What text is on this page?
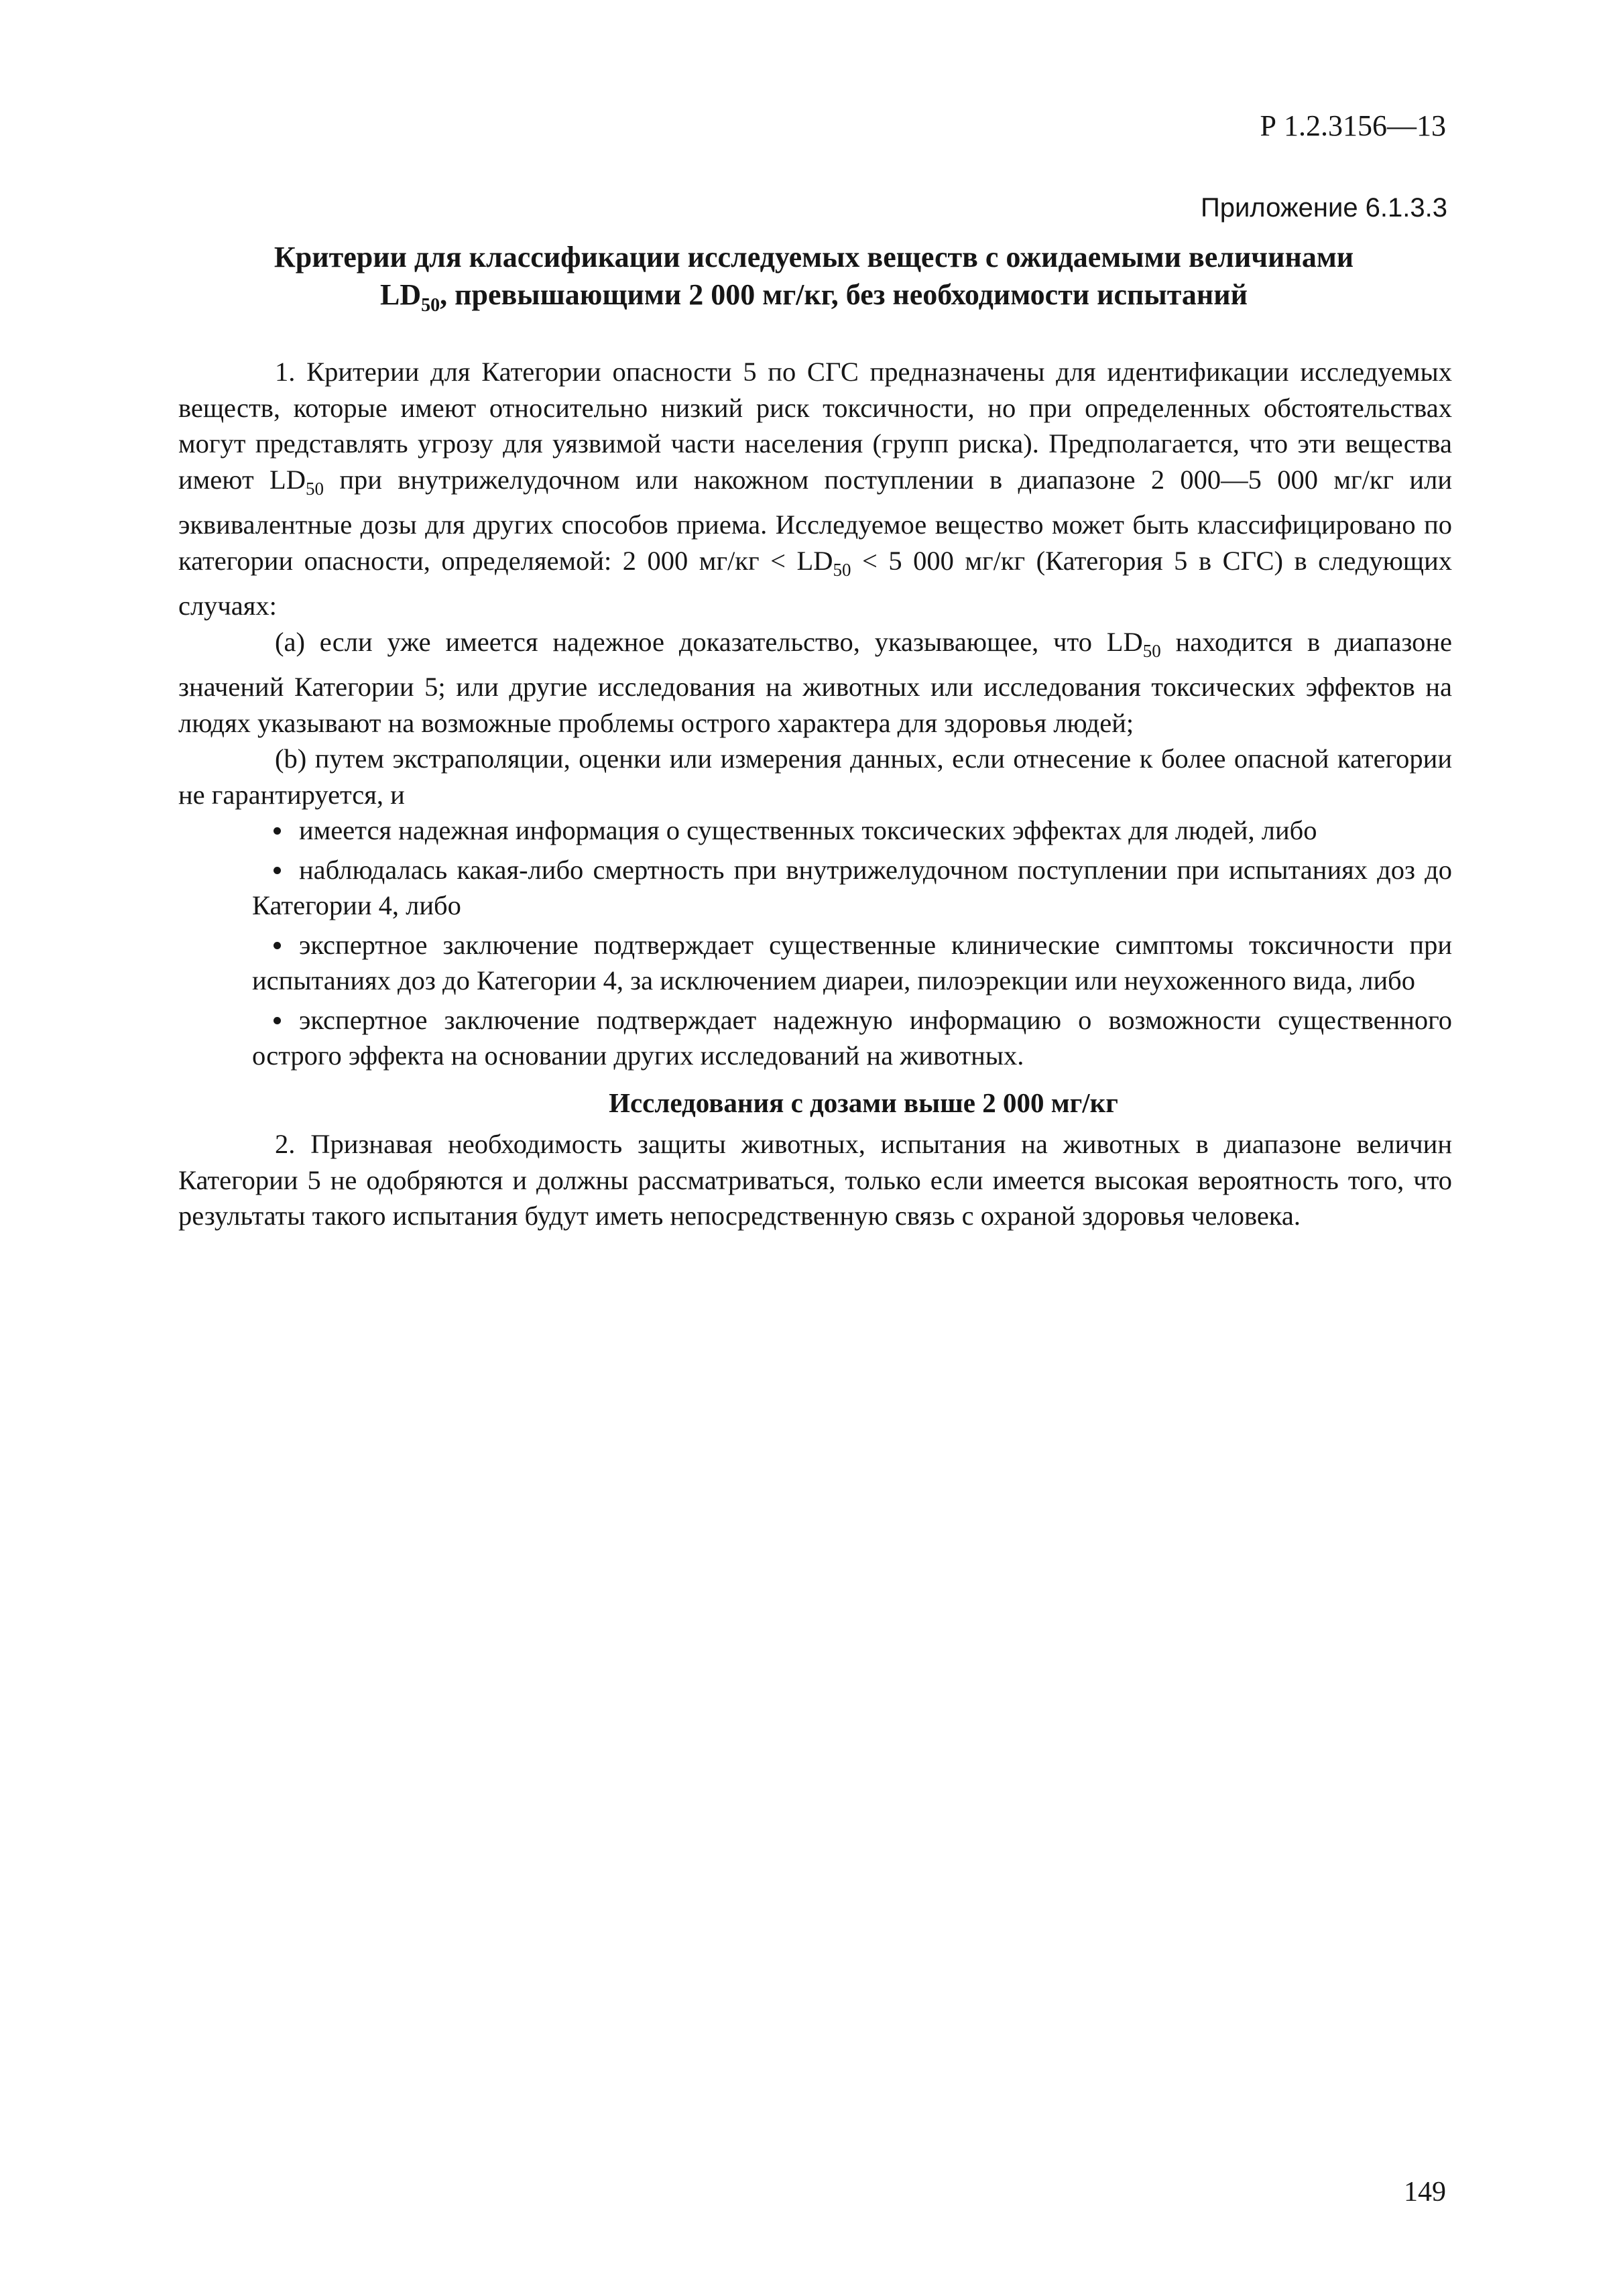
Р 1.2.3156—13
Приложение 6.1.3.3
Критерии для классификации исследуемых веществ с ожидаемыми величинами
$LD_{50}$, превышающими 2 000 мг/кг, без необходимости испытаний

1. Критерии для Категории опасности 5 по СГС предназначены для идентификации исследуемых веществ, которые имеют относительно низкий риск токсичности, но при определенных обстоятельствах могут представлять угрозу для уязвимой части населения (групп риска). Предполагается, что эти вещества имеют $LD_{50}$ при внутрижелудочном или накожном поступлении в диапазоне 2 000—5 000 мг/кг или эквивалентные дозы для других способов приема. Исследуемое вещество может быть классифицировано по категории опасности, определяемой: 2 000 $мг/кг < LD_{50} < 5$ 000 мг/кг (Категория 5 в СГС) в следующих случаях:

(а) если уже имеется надежное доказательство, указывающее, что $LD_{50}$ находится в диапазоне значений Категории 5; или другие исследования на животных или исследования токсических эффектов на людях указывают на возможные проблемы острого характера для здоровья людей;

(b) путем экстраполяции, оценки или измерения данных, если отнесение к более опасной категории не гарантируется, и

имеется надежная информация о существенных токсических эффектах для людей, либо
наблюдалась какая-либо смертность при внутрижелудочном поступлении при испытаниях доз до Категории 4, либо
экспертное заключение подтверждает существенные клинические симптомы токсичности при испытаниях доз до Категории 4, за исключением диареи, пилоэрекции или неухоженного вида, либо
экспертное заключение подтверждает надежную информацию о возможности существенного острого эффекта на основании других исследований на животных.

Исследования с дозами выше 2 000 мг/кг

2. Признавая необходимость защиты животных, испытания на животных в диапазоне величин Категории 5 не одобряются и должны рассматриваться, только если имеется высокая вероятность того, что результаты такого испытания будут иметь непосредственную связь с охраной здоровья человека.

149
